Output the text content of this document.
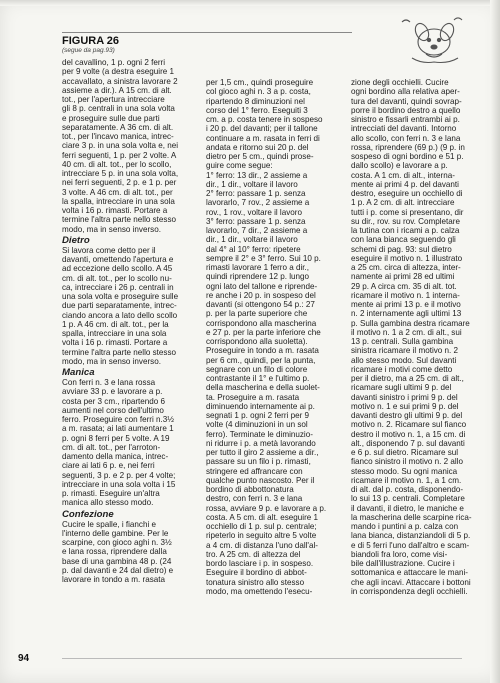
FIGURA 26
(segue da pag.93)
del cavallino, 1 p. ogni 2 ferri
per 9 volte (a destra eseguire 1
accavallato, a sinistra lavorare 2
assieme a dir.). A 15 cm. di alt.
tot., per l'apertura intrecciare
gli 8 p. centrali in una sola volta
e proseguire sulle due parti
separatamente. A 36 cm. di alt.
tot., per l'incavo manica, intrec-
ciare 3 p. in una sola volta e, nei
ferri seguenti, 1 p. per 2 volte. A
40 cm. di alt. tot., per lo scollo,
intrecciare 5 p. in una sola volta,
nei ferri seguenti, 2 p. e 1 p. per
3 volte. A 46 cm. di alt. tot., per
la spalla, intrecciare in una sola
volta i 16 p. rimasti. Portare a
termine l'altra parte nello stesso
modo, ma in senso inverso.
Dietro
Si lavora come detto per il
davanti, omettendo l'apertura e
ad eccezione dello scollo. A 45
cm. di alt. tot., per lo scollo nu-
ca, intrecciare i 26 p. centrali in
una sola volta e proseguire sulle
due parti separatamente, intrec-
ciando ancora a lato dello scollo
1 p. A 46 cm. di alt. tot., per la
spalla, intrecciare in una sola
volta i 16 p. rimasti. Portare a
termine l'altra parte nello stesso
modo, ma in senso inverso.
Manica
Con ferri n. 3 e lana rossa
avviare 33 p. e lavorare a p.
costa per 3 cm., ripartendo 6
aumenti nel corso dell'ultimo
ferro. Proseguire con ferri n.3½
a m. rasata; ai lati aumentare 1
p. ogni 8 ferri per 5 volte. A 19
cm. di alt. tot., per l'arroton-
damento della manica, intrec-
ciare ai lati 6 p. e, nei ferri
seguenti, 3 p. e 2 p. per 4 volte;
intrecciare in una sola volta i 15
p. rimasti. Eseguire un'altra
manica allo stesso modo.
Confezione
Cucire le spalle, i fianchi e
l'interno delle gambine. Per le
scarpine, con gioco aghi n. 3½
e lana rossa, riprendere dalla
base di una gambina 48 p. (24
p. dal davanti e 24 dal dietro) e
lavorare in tondo a m. rasata
per 1,5 cm., quindi proseguire
col gioco aghi n. 3 a p. costa,
ripartendo 8 diminuzioni nel
corso del 1° ferro. Eseguiti 3
cm. a p. costa tenere in sospeso
i 20 p. del davanti; per il tallone
continuare a m. rasata in ferri di
andata e ritorno sui 20 p. del
dietro per 5 cm., quindi prose-
guire come segue:
1° ferro: 13 dir., 2 assieme a
dir., 1 dir., voltare il lavoro
2° ferro: passare 1 p. senza
lavorarlo, 7 rov., 2 assieme a
rov., 1 rov., voltare il lavoro
3° ferro: passare 1 p. senza
lavorarlo, 7 dir., 2 assieme a
dir., 1 dir., voltare il lavoro
dal 4° al 10° ferro: ripetere
sempre il 2° e 3° ferro. Sui 10 p.
rimasti lavorare 1 ferro a dir.,
quindi riprendere 12 p. lungo
ogni lato del tallone e riprende-
re anche i 20 p. in sospeso del
davanti (si ottengono 54 p.: 27
p. per la parte superiore che
corrispondono alla mascherina
e 27 p. per la parte inferiore che
corrispondono alla suoletta).
Proseguire in tondo a m. rasata
per 6 cm., quindi, per la punta,
segnare con un filo di colore
contrastante il 1° e l'ultimo p.
della mascherina e della suolet-
ta. Proseguire a m. rasata
diminuendo internamente ai p.
segnati 1 p. ogni 2 ferri per 9
volte (4 diminuzioni in un sol
ferro). Terminate le diminuzio-
ni ridurre i p. a metà lavorando
per tutto il giro 2 assieme a dir.,
passare su un filo i p. rimasti,
stringere ed affrancare con
qualche punto nascosto. Per il
bordino di abbottonatura
destro, con ferri n. 3 e lana
rossa, avviare 9 p. e lavorare a p.
costa. A 5 cm. di alt. eseguire 1
occhiello di 1 p. sul p. centrale;
ripeterlo in seguito altre 5 volte
a 4 cm. di distanza l'uno dall'al-
tro. A 25 cm. di altezza del
bordo lasciare i p. in sospeso.
Eseguire il bordino di abbot-
tonatura sinistro allo stesso
modo, ma omettendo l'esecu-
zione degli occhielli. Cucire
ogni bordino alla relativa aper-
tura del davanti, quindi sovrap-
porre il bordino destro a quello
sinistro e fissarli entrambi ai p.
intrecciati del davanti. Intorno
allo scollo, con ferri n. 3 e lana
rossa, riprendere (69 p.) (9 p. in
sospeso di ogni bordino e 51 p.
dallo scollo) e lavorare a p.
costa. A 1 cm. di alt., interna-
mente ai primi 4 p. del davanti
destro, eseguire un occhiello di
1 p. A 2 cm. di alt. intrecciare
tutti i p. come si presentano, dir
su dir., rov. su rov. Completare
la tutina con i ricami a p. calza
con lana bianca seguendo gli
schemi di pag. 93: sul dietro
eseguire il motivo n. 1 illustrato
a 25 cm. circa di altezza, inter-
namente ai primi 28 ed ultimi
29 p. A circa cm. 35 di alt. tot.
ricamare il motivo n. 1 interna-
mente ai primi 13 p. e il motivo
n. 2 internamente agli ultimi 13
p. Sulla gambina destra ricamare
il motivo n. 1 a 2 cm. di alt., sui
13 p. centrali. Sulla gambina
sinistra ricamare il motivo n. 2
allo stesso modo. Sul davanti
ricamare i motivi come detto
per il dietro, ma a 25 cm. di alt.,
ricamare sugli ultimi 9 p. del
davanti sinistro i primi 9 p. del
motivo n. 1 e sui primi 9 p. del
davanti destro gli ultimi 9 p. del
motivo n. 2. Ricamare sul fianco
destro il motivo n. 1, a 15 cm. di
alt., disponendo 7 p. sul davanti
e 6 p. sul dietro. Ricamare sul
fianco sinistro il motivo n. 2 allo
stesso modo. Su ogni manica
ricamare il motivo n. 1, a 1 cm.
di alt. dal p. costa, disponendo-
lo sui 13 p. centrali. Completare
il davanti, il dietro, le maniche e
la mascherina delle scarpine rica-
mando i puntini a p. calza con
lana bianca, distanziandoli di 5 p.
e di 5 ferri l'uno dall'altro e scam-
biandoli fra loro, come visi-
bile dall'illustrazione. Cucire i
sottomanica e attaccare le mani-
che agli incavi. Attaccare i bottoni
in corrispondenza degli occhielli.
94
